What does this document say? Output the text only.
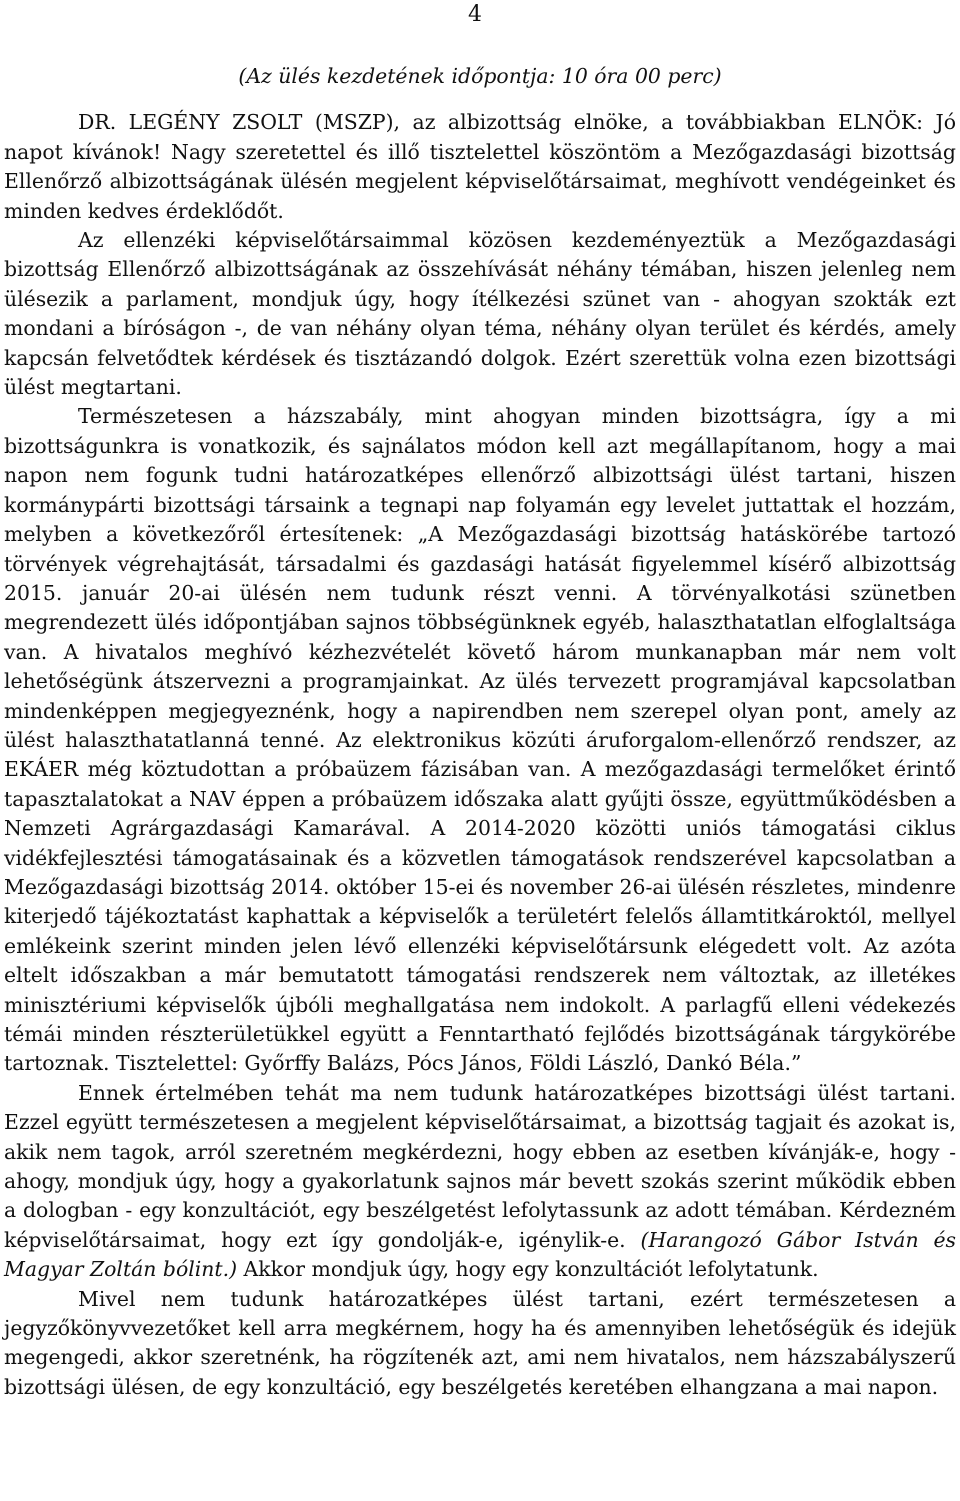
4
(Az ülés kezdetének időpontja: 10 óra 00 perc)

DR. LEGÉNY ZSOLT (MSZP), az albizottság elnöke, a továbbiakban ELNÖK: Jó napot kívánok! Nagy szeretettel és illő tisztelettel köszöntöm a Mezőgazdasági bizottság Ellenőrző albizottságának ülésén megjelent képviselőtársaimat, meghívott vendégeinket és minden kedves érdeklődőt.

Az ellenzéki képviselőtársaimmal közösen kezdeményeztük a Mezőgazdasági bizottság Ellenőrző albizottságának az összehívását néhány témában, hiszen jelenleg nem ülésezik a parlament, mondjuk úgy, hogy ítélkezési szünet van - ahogyan szokták ezt mondani a bíróságon -, de van néhány olyan téma, néhány olyan terület és kérdés, amely kapcsán felvetődtek kérdések és tisztázandó dolgok. Ezért szerettük volna ezen bizottsági ülést megtartani.

Természetesen a házszabály, mint ahogyan minden bizottságra, így a mi bizottságunkra is vonatkozik, és sajnálatos módon kell azt megállapítanom, hogy a mai napon nem fogunk tudni határozatképes ellenőrző albizottsági ülést tartani, hiszen kormánypárti bizottsági társaink a tegnapi nap folyamán egy levelet juttattak el hozzám, melyben a következőről értesítenek: „A Mezőgazdasági bizottság hatáskörébe tartozó törvények végrehajtását, társadalmi és gazdasági hatását figyelemmel kísérő albizottság 2015. január 20-ai ülésén nem tudunk részt venni. A törvényalkotási szünetben megrendezett ülés időpontjában sajnos többségünknek egyéb, halaszthatatlan elfoglaltsága van. A hivatalos meghívó kézhezvételét követő három munkanapban már nem volt lehetőségünk átszervezni a programjainkat. Az ülés tervezett programjával kapcsolatban mindenképpen megjegyeznénk, hogy a napirendben nem szerepel olyan pont, amely az ülést halaszthatatlanná tenné. Az elektronikus közúti áruforgalom-ellenőrző rendszer, az EKÁER még köztudottan a próbaüzem fázisában van. A mezőgazdasági termelőket érintő tapasztalatokat a NAV éppen a próbaüzem időszaka alatt gyűjti össze, együttműködésben a Nemzeti Agrárgazdasági Kamarával. A 2014-2020 közötti uniós támogatási ciklus vidékfejlesztési támogatásainak és a közvetlen támogatások rendszerével kapcsolatban a Mezőgazdasági bizottság 2014. október 15-ei és november 26-ai ülésén részletes, mindenre kiterjedő tájékoztatást kaphattak a képviselők a területért felelős államtitkároktól, mellyel emlékeink szerint minden jelen lévő ellenzéki képviselőtársunk elégedett volt. Az azóta eltelt időszakban a már bemutatott támogatási rendszerek nem változtak, az illetékes minisztériumi képviselők újbóli meghallgatása nem indokolt. A parlagfű elleni védekezés témái minden részterületükkel együtt a Fenntartható fejlődés bizottságának tárgykörébe tartoznak. Tisztelettel: Győrffy Balázs, Pócs János, Földi László, Dankó Béla.”

Ennek értelmében tehát ma nem tudunk határozatképes bizottsági ülést tartani. Ezzel együtt természetesen a megjelent képviselőtársaimat, a bizottság tagjait és azokat is, akik nem tagok, arról szeretném megkérdezni, hogy ebben az esetben kívánják-e, hogy - ahogy, mondjuk úgy, hogy a gyakorlatunk sajnos már bevett szokás szerint működik ebben a dologban - egy konzultációt, egy beszélgetést lefolytassunk az adott témában. Kérdezném képviselőtársaimat, hogy ezt így gondolják-e, igénylik-e. (Harangozó Gábor István és Magyar Zoltán bólint.) Akkor mondjuk úgy, hogy egy konzultációt lefolytatunk.

Mivel nem tudunk határozatképes ülést tartani, ezért természetesen a jegyzőkönyvvezetőket kell arra megkérnem, hogy ha és amennyiben lehetőségük és idejük megengedi, akkor szeretnénk, ha rögzítenék azt, ami nem hivatalos, nem házszabályszerű bizottsági ülésen, de egy konzultáció, egy beszélgetés keretében elhangzana a mai napon.
